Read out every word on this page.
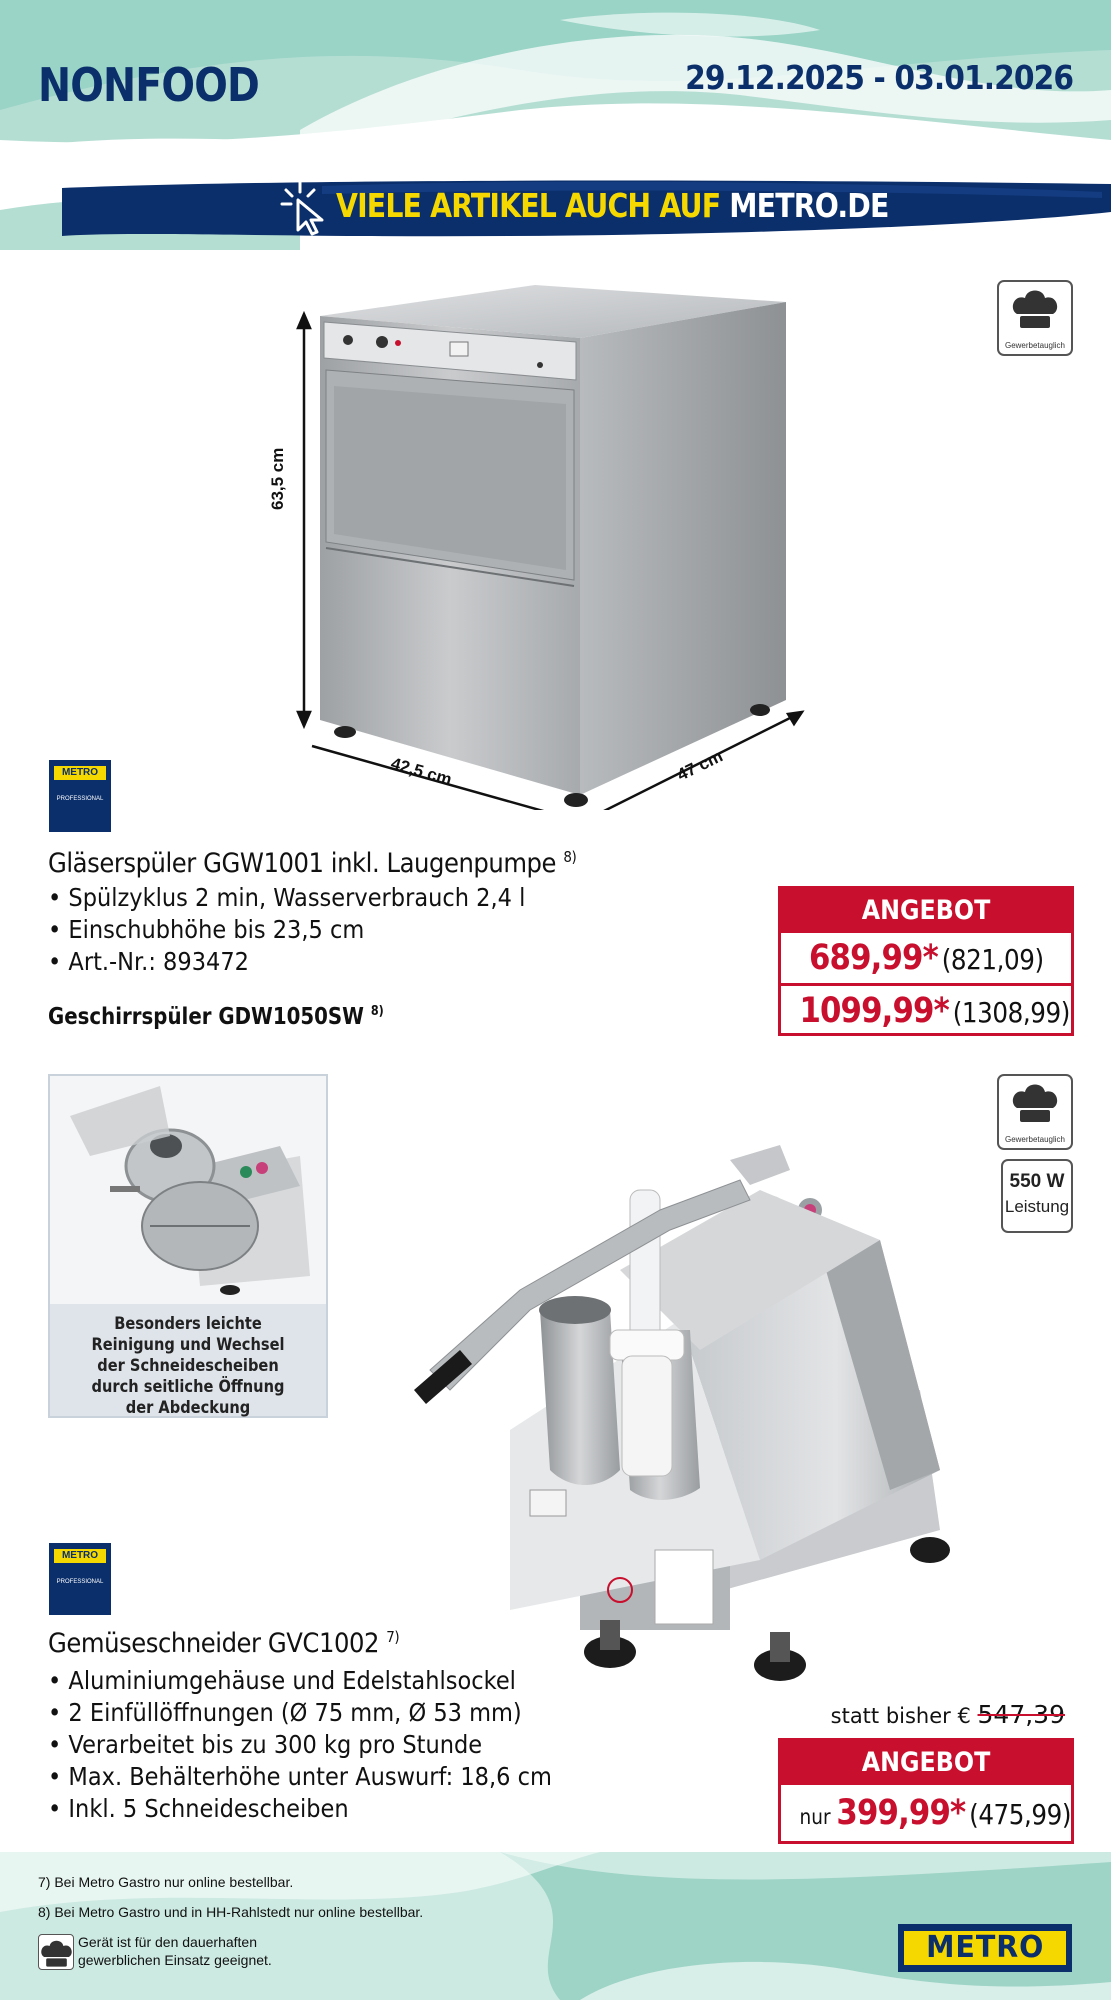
NONFOOD	29.12.2025 - 03.01.2026
VIELE ARTIKEL AUCH AUF METRO.DE
63,5 cm
42,5 cm	47 cm
Gewerbetauglich
METRO
PROFESSIONAL
Gläserspüler GGW1001 inkl. Laugenpumpe $^{8)}$
• Spülzyklus 2 min, Wasserverbrauch 2,4 l
• Einschubhöhe bis 23,5 cm
• Art.-Nr.: 893472
Geschirrspüler GDW1050SW $^{8)}$
ANGEBOT
689,99* (821,09)
1099,99* (1308,99)

Besonders leichte

Reinigung und Wechsel

der Schneidescheiben

durch seitliche Öffnung

der Abdeckung

Gewerbetauglich
550 W
Leistung
METRO
PROFESSIONAL
Gemüseschneider GVC1002 $^{7)}$
• Aluminiumgehäuse und Edelstahlsockel
• 2 Einfüllöffnungen (Ø 75 mm, Ø 53 mm)
• Verarbeitet bis zu 300 kg pro Stunde
• Max. Behälterhöhe unter Auswurf: 18,6 cm
• Inkl. 5 Schneidescheiben
statt bisher € 547,39
ANGEBOT
nur 399,99* (475,99)
7) Bei Metro Gastro nur online bestellbar.
8) Bei Metro Gastro und in HH-Rahlstedt nur online bestellbar.
Gerät ist für den dauerhaften
gewerblichen Einsatz geeignet.	METRO
